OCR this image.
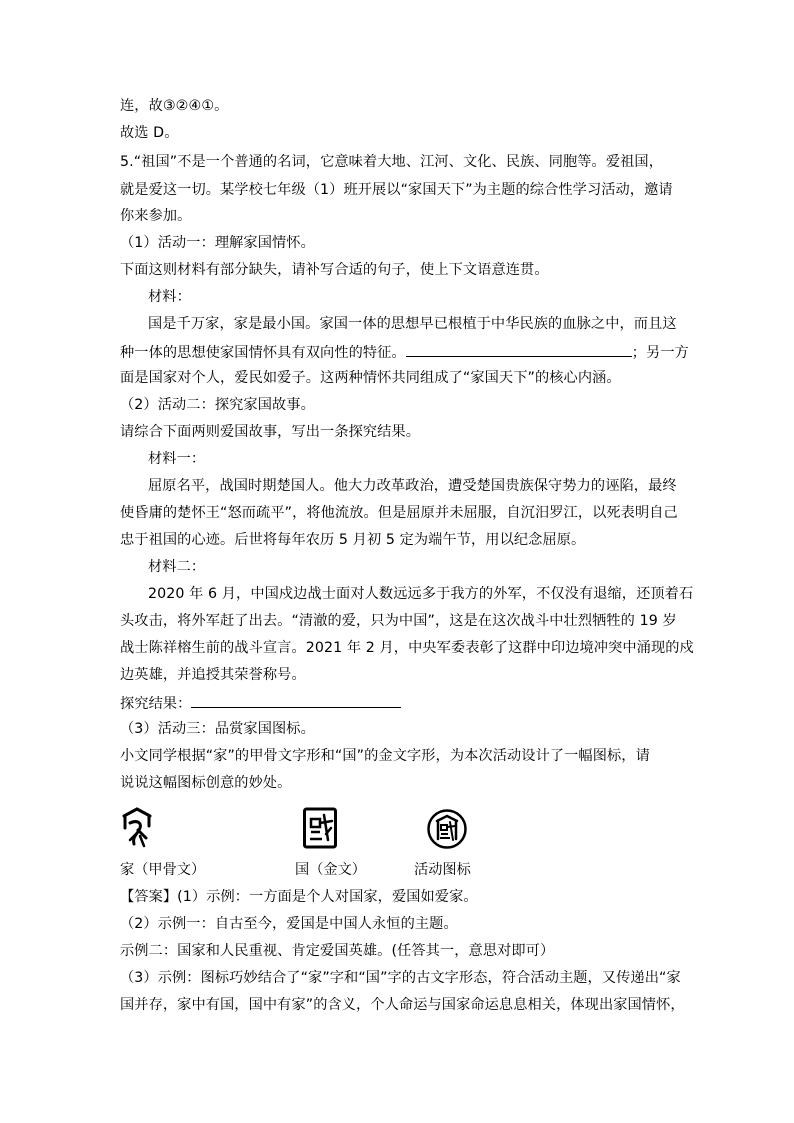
连，故③②④①。
故选 D。
5.“祖国”不是一个普通的名词，它意味着大地、江河、文化、民族、同胞等。爱祖国，
就是爱这一切。某学校七年级（1）班开展以“家国天下”为主题的综合性学习活动，邀请
你来参加。
（1）活动一：理解家国情怀。
下面这则材料有部分缺失，请补写合适的句子，使上下文语意连贯。
材料：
国是千万家，家是最小国。家国一体的思想早已根植于中华民族的血脉之中，而且这
种一体的思想使家国情怀具有双向性的特征。	；另一方
面是国家对个人，爱民如爱子。这两种情怀共同组成了“家国天下”的核心内涵。
（2）活动二：探究家国故事。
请综合下面两则爱国故事，写出一条探究结果。
材料一：
屈原名平，战国时期楚国人。他大力改革政治，遭受楚国贵族保守势力的诬陷，最终
使昏庸的楚怀王“怒而疏平”，将他流放。但是屈原并未屈服，自沉汨罗江，以死表明自己
忠于祖国的心迹。后世将每年农历 5 月初 5 定为端午节，用以纪念屈原。
材料二：
2020 年 6 月，中国戍边战士面对人数远远多于我方的外军，不仅没有退缩，还顶着石
头攻击，将外军赶了出去。“清澈的爱，只为中国”，这是在这次战斗中壮烈牺牲的 19 岁
战士陈祥榕生前的战斗宣言。2021 年 2 月，中央军委表彰了这群中印边境冲突中涌现的戍
边英雄，并追授其荣誉称号。
探究结果：
（3）活动三：品赏家国图标。
小文同学根据“家”的甲骨文字形和“国”的金文字形，为本次活动设计了一幅图标，请
说说这幅图标创意的妙处。
家（甲骨文）	国（金文）	活动图标
【答案】(1）示例：一方面是个人对国家，爱国如爱家。
（2）示例一：自古至今，爱国是中国人永恒的主题。
示例二：国家和人民重视、肯定爱国英雄。(任答其一，意思对即可）
（3）示例：图标巧妙结合了“家”字和“国”字的古文字形态，符合活动主题，又传递出“家
国并存，家中有国，国中有家”的含义，个人命运与国家命运息息相关，体现出家国情怀，
